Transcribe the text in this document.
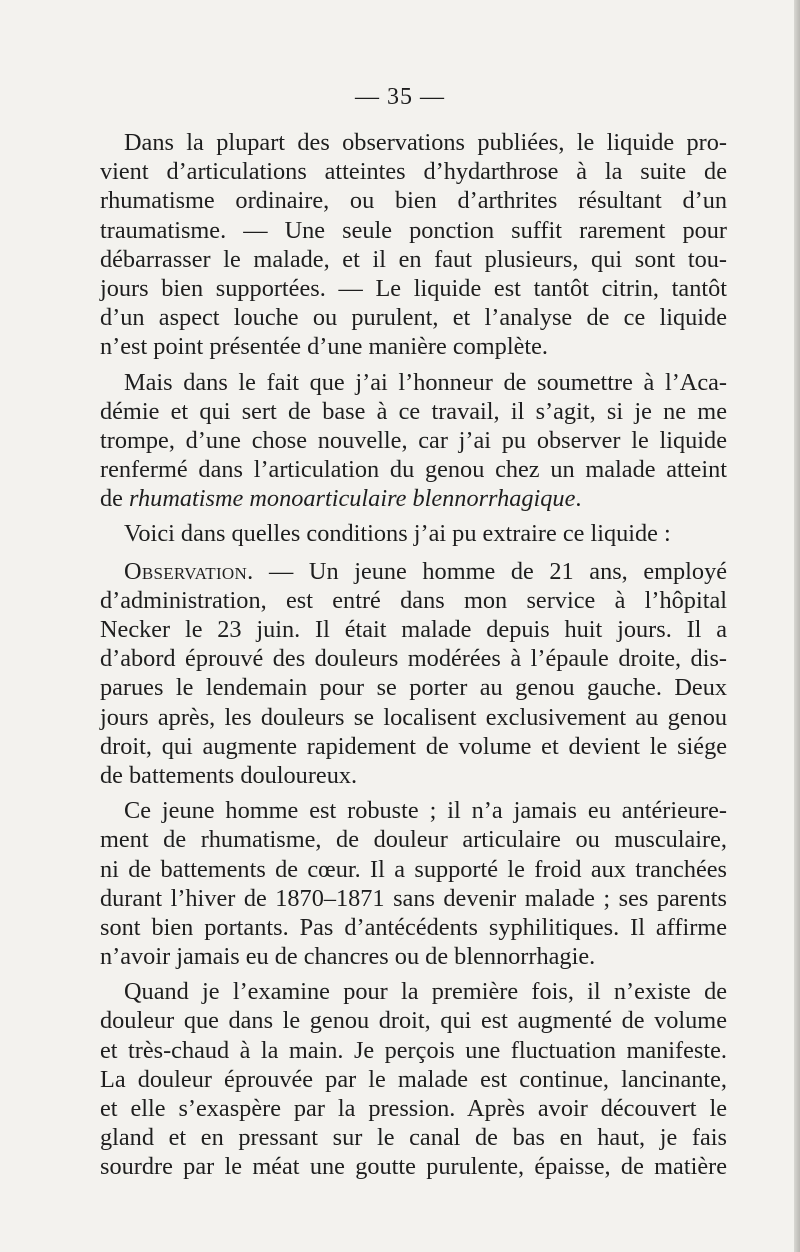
— 35 —
Dans la plupart des observations publiées, le liquide pro-
vient d’articulations atteintes d’hydarthrose à la suite de
rhumatisme ordinaire, ou bien d’arthrites résultant d’un
traumatisme. — Une seule ponction suffit rarement pour
débarrasser le malade, et il en faut plusieurs, qui sont tou-
jours bien supportées. — Le liquide est tantôt citrin, tantôt
d’un aspect louche ou purulent, et l’analyse de ce liquide
n’est point présentée d’une manière complète.
Mais dans le fait que j’ai l’honneur de soumettre à l’Aca-
démie et qui sert de base à ce travail, il s’agit, si je ne me
trompe, d’une chose nouvelle, car j’ai pu observer le liquide
renfermé dans l’articulation du genou chez un malade atteint
de rhumatisme monoarticulaire blennorrhagique.
Voici dans quelles conditions j’ai pu extraire ce liquide :
Observation. — Un jeune homme de 21 ans, employé
d’administration, est entré dans mon service à l’hôpital
Necker le 23 juin. Il était malade depuis huit jours. Il a
d’abord éprouvé des douleurs modérées à l’épaule droite, dis-
parues le lendemain pour se porter au genou gauche. Deux
jours après, les douleurs se localisent exclusivement au genou
droit, qui augmente rapidement de volume et devient le siége
de battements douloureux.
Ce jeune homme est robuste ; il n’a jamais eu antérieure-
ment de rhumatisme, de douleur articulaire ou musculaire,
ni de battements de cœur. Il a supporté le froid aux tranchées
durant l’hiver de 1870–1871 sans devenir malade ; ses parents
sont bien portants. Pas d’antécédents syphilitiques. Il affirme
n’avoir jamais eu de chancres ou de blennorrhagie.
Quand je l’examine pour la première fois, il n’existe de
douleur que dans le genou droit, qui est augmenté de volume
et très-chaud à la main. Je perçois une fluctuation manifeste.
La douleur éprouvée par le malade est continue, lancinante,
et elle s’exaspère par la pression. Après avoir découvert le
gland et en pressant sur le canal de bas en haut, je fais
sourdre par le méat une goutte purulente, épaisse, de matière
